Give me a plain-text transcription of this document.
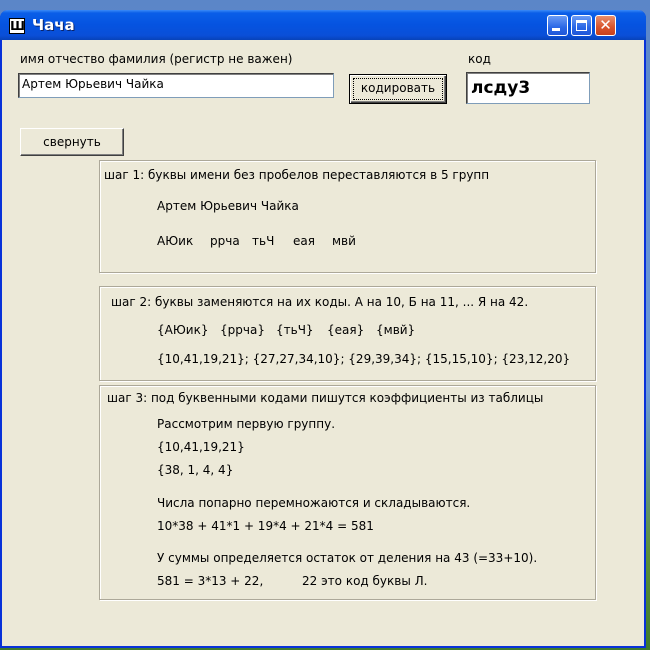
Ш Чача	✕
имя отчество фамилия (регистр не важен)
Артем Юрьевич Чайка	кодировать
код
лсду3
свернуть
шаг 1: буквы имени без пробелов переставляются в 5 групп
Артем Юрьевич Чайка
АЮик ррча тьЧ еая мвй
шаг 2: буквы заменяются на их коды. А на 10, Б на 11, ... Я на 42.
{АЮик} {ррча} {тьЧ} {еая} {мвй}
{10,41,19,21}; {27,27,34,10}; {29,39,34}; {15,15,10}; {23,12,20}
шаг 3: под буквенными кодами пишутся коэффициенты из таблицы
Рассмотрим первую группу.
{10,41,19,21}
{38, 1, 4, 4}
Числа попарно перемножаются и складываются.
10*38 + 41*1 + 19*4 + 21*4 = 581
У суммы определяется остаток от деления на 43 (=33+10).
581 = 3*13 + 22,	22 это код буквы Л.
